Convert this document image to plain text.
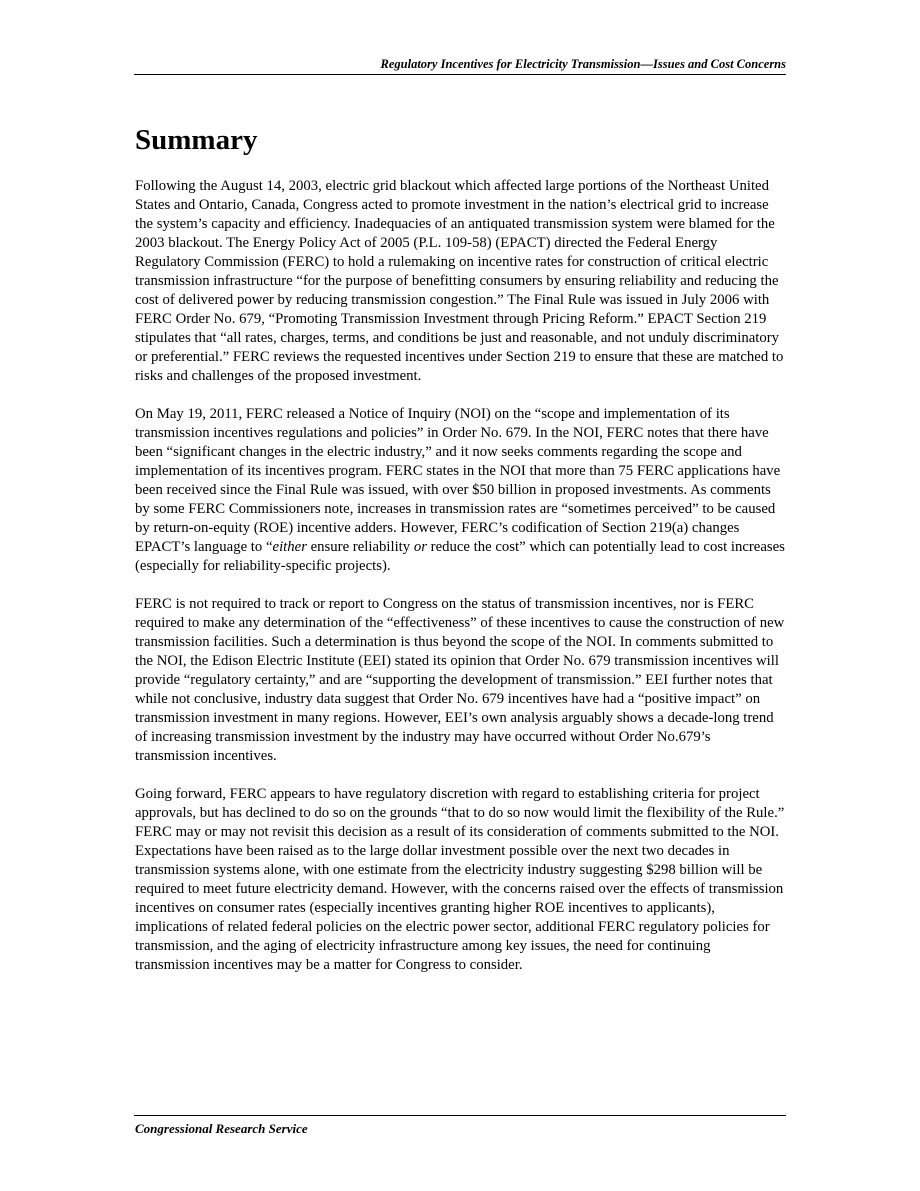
Regulatory Incentives for Electricity Transmission—Issues and Cost Concerns
Summary

Following the August 14, 2003, electric grid blackout which affected large portions of the Northeast United States and Ontario, Canada, Congress acted to promote investment in the nation’s electrical grid to increase the system’s capacity and efficiency. Inadequacies of an antiquated transmission system were blamed for the 2003 blackout. The Energy Policy Act of 2005 (P.L. 109-58) (EPACT) directed the Federal Energy Regulatory Commission (FERC) to hold a rulemaking on incentive rates for construction of critical electric transmission infrastructure “for the purpose of benefitting consumers by ensuring reliability and reducing the cost of delivered power by reducing transmission congestion.” The Final Rule was issued in July 2006 with FERC Order No. 679, “Promoting Transmission Investment through Pricing Reform.” EPACT Section 219 stipulates that “all rates, charges, terms, and conditions be just and reasonable, and not unduly discriminatory or preferential.” FERC reviews the requested incentives under Section 219 to ensure that these are matched to risks and challenges of the proposed investment.

On May 19, 2011, FERC released a Notice of Inquiry (NOI) on the “scope and implementation of its transmission incentives regulations and policies” in Order No. 679. In the NOI, FERC notes that there have been “significant changes in the electric industry,” and it now seeks comments regarding the scope and implementation of its incentives program. FERC states in the NOI that more than 75 FERC applications have been received since the Final Rule was issued, with over $50 billion in proposed investments. As comments by some FERC Commissioners note, increases in transmission rates are “sometimes perceived” to be caused by return-on-equity (ROE) incentive adders. However, FERC’s codification of Section 219(a) changes EPACT’s language to “either ensure reliability or reduce the cost” which can potentially lead to cost increases (especially for reliability-specific projects).

FERC is not required to track or report to Congress on the status of transmission incentives, nor is FERC required to make any determination of the “effectiveness” of these incentives to cause the construction of new transmission facilities. Such a determination is thus beyond the scope of the NOI. In comments submitted to the NOI, the Edison Electric Institute (EEI) stated its opinion that Order No. 679 transmission incentives will provide “regulatory certainty,” and are “supporting the development of transmission.” EEI further notes that while not conclusive, industry data suggest that Order No. 679 incentives have had a “positive impact” on transmission investment in many regions. However, EEI’s own analysis arguably shows a decade-long trend of increasing transmission investment by the industry may have occurred without Order No.679’s transmission incentives.

Going forward, FERC appears to have regulatory discretion with regard to establishing criteria for project approvals, but has declined to do so on the grounds “that to do so now would limit the flexibility of the Rule.” FERC may or may not revisit this decision as a result of its consideration of comments submitted to the NOI. Expectations have been raised as to the large dollar investment possible over the next two decades in transmission systems alone, with one estimate from the electricity industry suggesting $298 billion will be required to meet future electricity demand. However, with the concerns raised over the effects of transmission incentives on consumer rates (especially incentives granting higher ROE incentives to applicants), implications of related federal policies on the electric power sector, additional FERC regulatory policies for transmission, and the aging of electricity infrastructure among key issues, the need for continuing transmission incentives may be a matter for Congress to consider.

Congressional Research Service
